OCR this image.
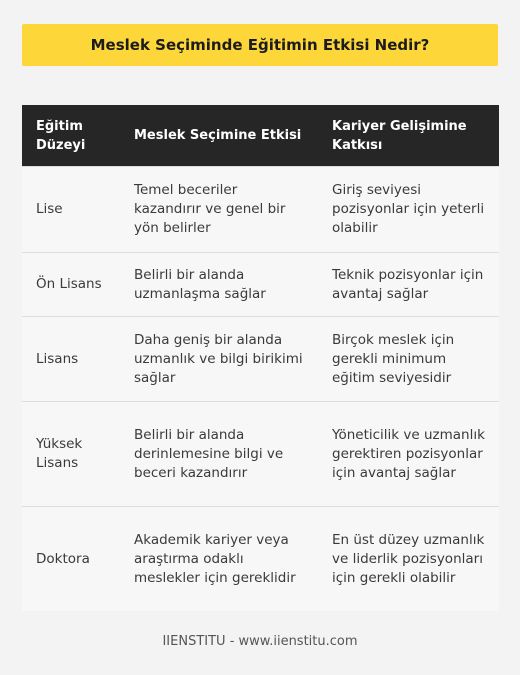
Meslek Seçiminde Eğitimin Etkisi Nedir?
Eğitim Düzeyi	Meslek Seçimine Etkisi	Kariyer Gelişimine Katkısı
Lise	Temel beceriler kazandırır ve genel bir yön belirler	Giriş seviyesi pozisyonlar için yeterli olabilir
Ön Lisans	Belirli bir alanda uzmanlaşma sağlar	Teknik pozisyonlar için avantaj sağlar
Lisans	Daha geniş bir alanda uzmanlık ve bilgi birikimi sağlar	Birçok meslek için gerekli minimum eğitim seviyesidir
Yüksek Lisans	Belirli bir alanda derinlemesine bilgi ve beceri kazandırır	Yöneticilik ve uzmanlık gerektiren pozisyonlar için avantaj sağlar
Doktora	Akademik kariyer veya araştırma odaklı meslekler için gereklidir	En üst düzey uzmanlık ve liderlik pozisyonları için gerekli olabilir
IIENSTITU - www.iienstitu.com
